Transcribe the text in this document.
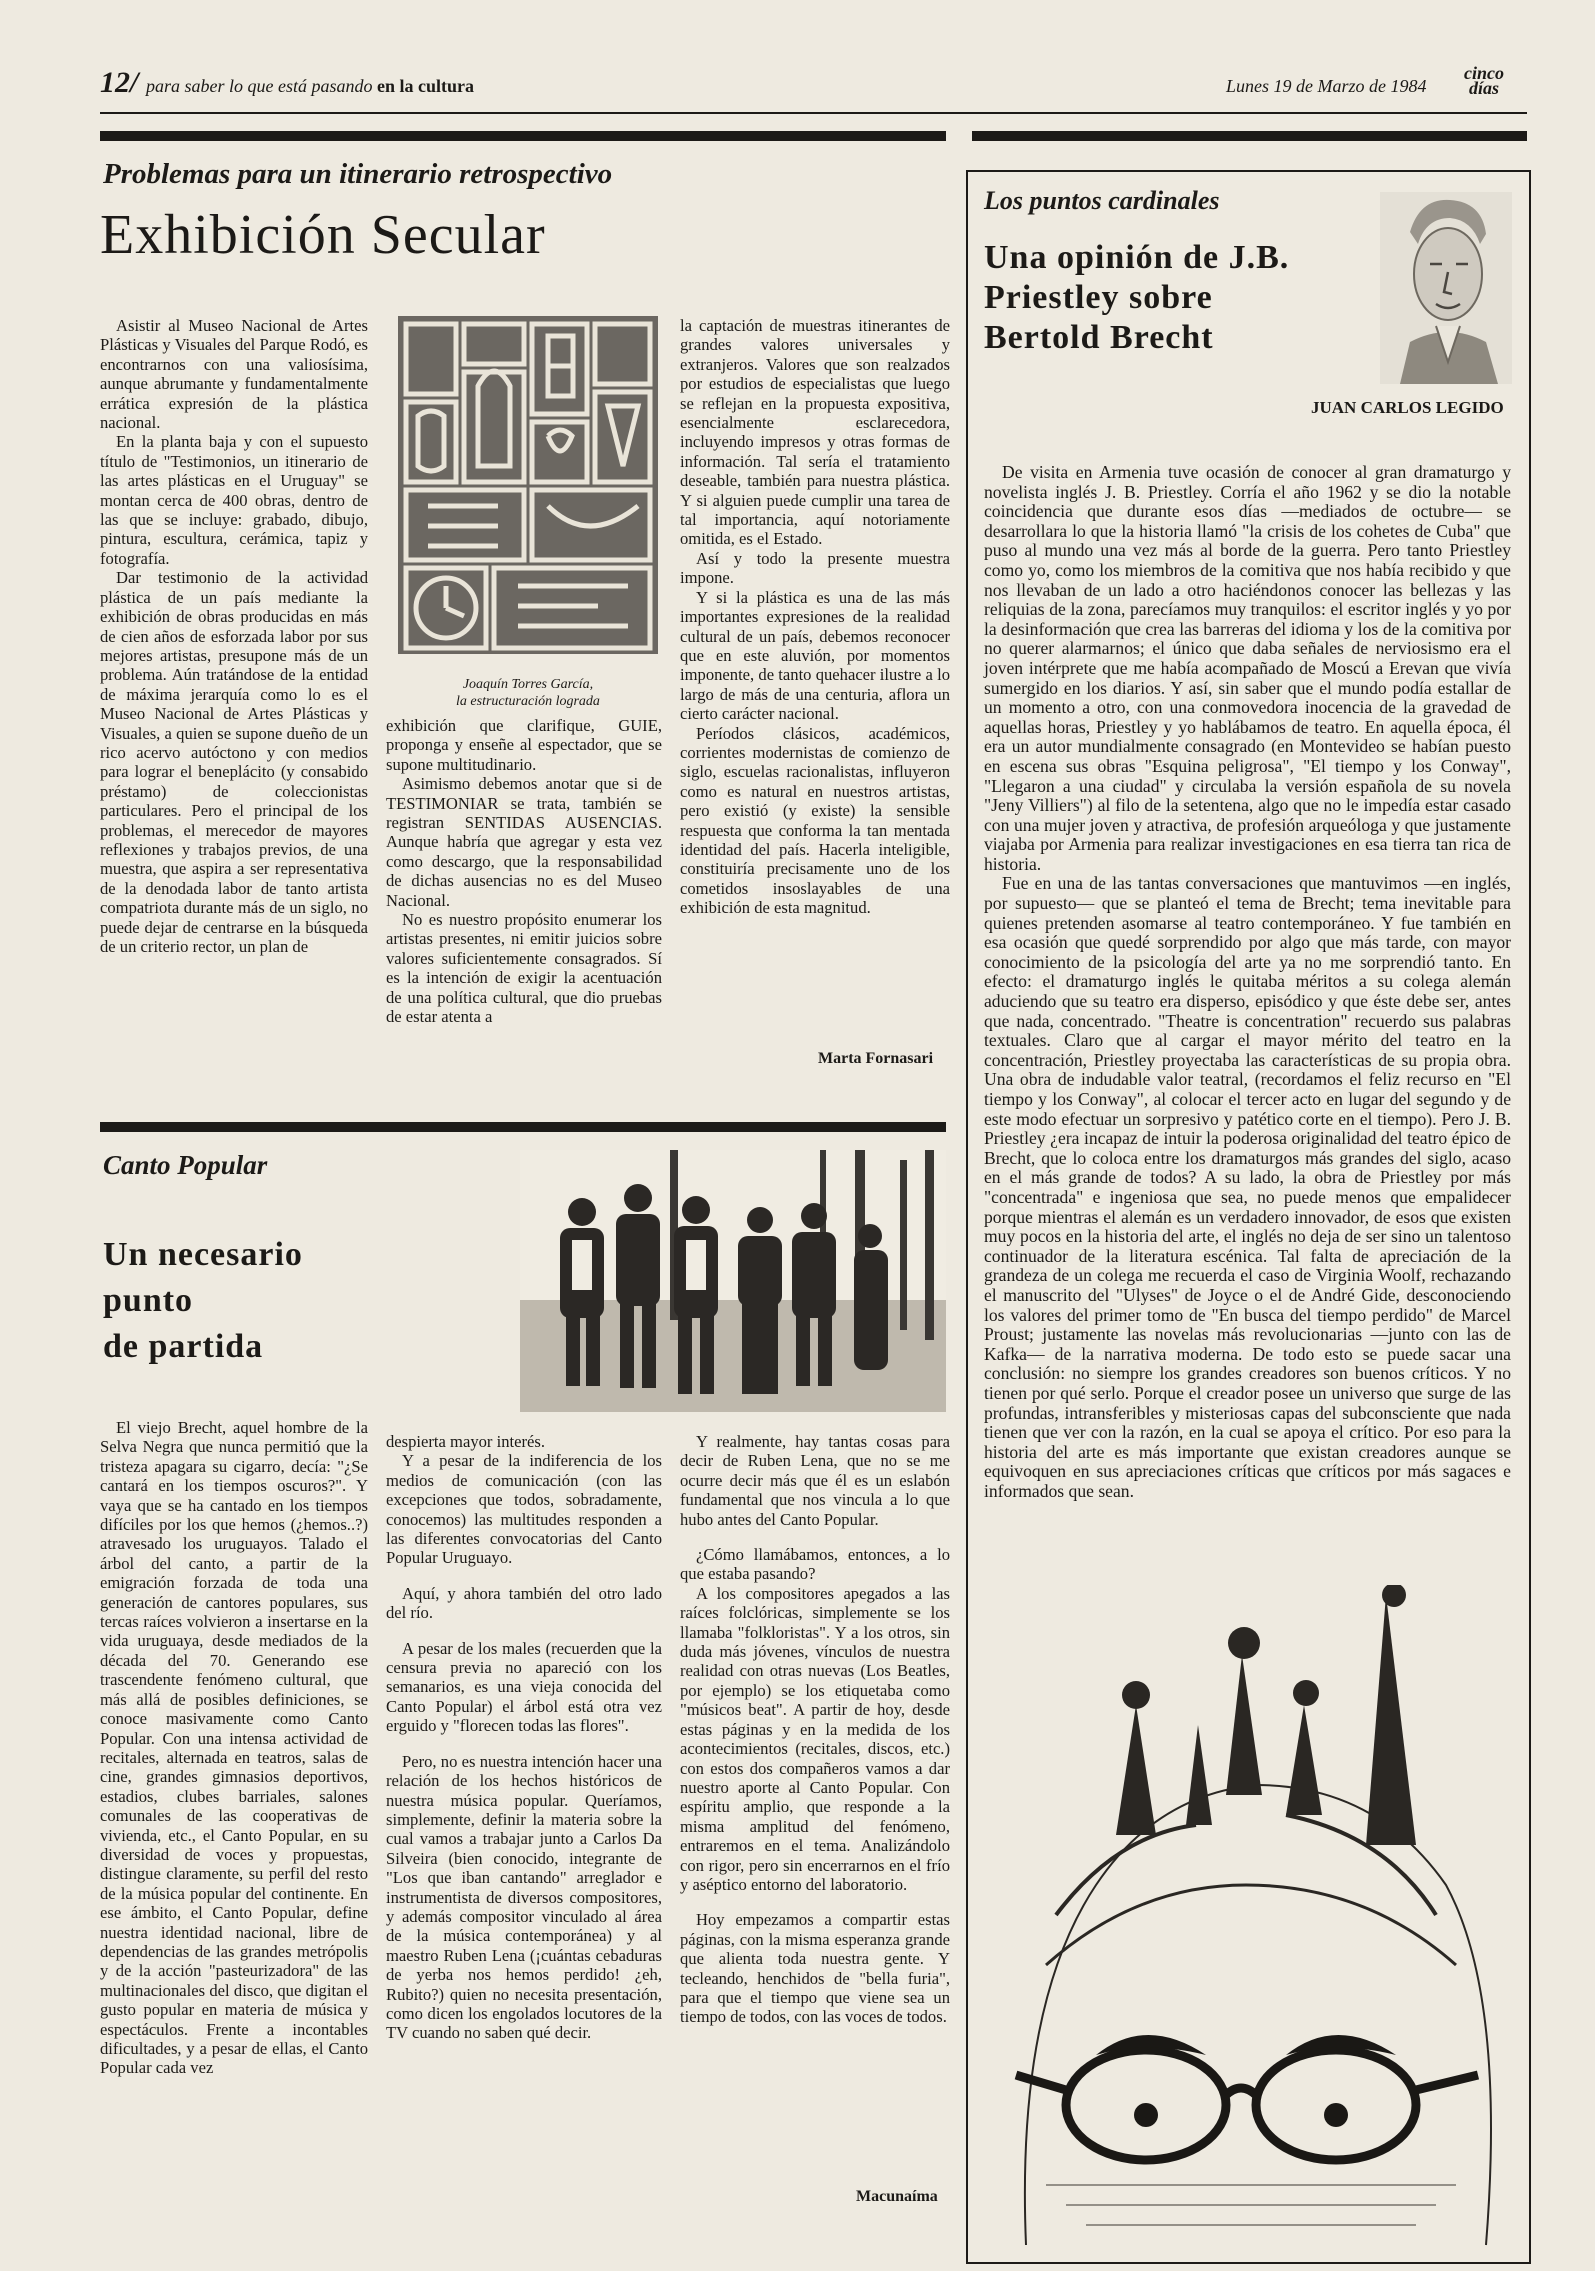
12/ para saber lo que está pasando en la cultura	Lunes 19 de Marzo de 1984
cinco
días
Problemas para un itinerario retrospectivo
Exhibición Secular

Asistir al Museo Nacional de Artes Plásticas y Visuales del Parque Rodó, es encontrarnos con una valiosísima, aunque abrumante y fundamentalmente errática expresión de la plástica nacional.

En la planta baja y con el supuesto título de "Testimonios, un itinerario de las artes plásticas en el Uruguay" se montan cerca de 400 obras, dentro de las que se incluye: grabado, dibujo, pintura, escultura, cerámica, tapiz y fotografía.

Dar testimonio de la actividad plástica de un país mediante la exhibición de obras producidas en más de cien años de esforzada labor por sus mejores artistas, presupone más de un problema. Aún tratándose de la entidad de máxima jerarquía como lo es el Museo Nacional de Artes Plásticas y Visuales, a quien se supone dueño de un rico acervo autóctono y con medios para lograr el beneplácito (y consabido préstamo) de coleccionistas particulares. Pero el principal de los problemas, el merecedor de mayores reflexiones y trabajos previos, de una muestra, que aspira a ser representativa de la denodada labor de tanto artista compatriota durante más de un siglo, no puede dejar de centrarse en la búsqueda de un criterio rector, un plan de

Joaquín Torres García,
la estructuración lograda

exhibición que clarifique, GUIE, proponga y enseñe al espectador, que se supone multitudinario.

Asimismo debemos anotar que si de TESTIMONIAR se trata, también se registran SENTIDAS AUSENCIAS. Aunque habría que agregar y esta vez como descargo, que la responsabilidad de dichas ausencias no es del Museo Nacional.

No es nuestro propósito enumerar los artistas presentes, ni emitir juicios sobre valores suficientemente consagrados. Sí es la intención de exigir la acentuación de una política cultural, que dio pruebas de estar atenta a

la captación de muestras itinerantes de grandes valores universales y extranjeros. Valores que son realzados por estudios de especialistas que luego se reflejan en la propuesta expositiva, esencialmente esclarecedora, incluyendo impresos y otras formas de información. Tal sería el tratamiento deseable, también para nuestra plástica. Y si alguien puede cumplir una tarea de tal importancia, aquí notoriamente omitida, es el Estado.

Así y todo la presente muestra impone.

Y si la plástica es una de las más importantes expresiones de la realidad cultural de un país, debemos reconocer que en este aluvión, por momentos imponente, de tanto quehacer ilustre a lo largo de más de una centuria, aflora un cierto carácter nacional.

Períodos clásicos, académicos, corrientes modernistas de comienzo de siglo, escuelas racionalistas, influyeron como es natural en nuestros artistas, pero existió (y existe) la sensible respuesta que conforma la tan mentada identidad del país. Hacerla inteligible, constituiría precisamente uno de los cometidos insoslayables de una exhibición de esta magnitud.

Marta Fornasari
Canto Popular
Un necesario
punto
de partida

El viejo Brecht, aquel hombre de la Selva Negra que nunca permitió que la tristeza apagara su cigarro, decía: "¿Se cantará en los tiempos oscuros?". Y vaya que se ha cantado en los tiempos difíciles por los que hemos (¿hemos..?) atravesado los uruguayos. Talado el árbol del canto, a partir de la emigración forzada de toda una generación de cantores populares, sus tercas raíces volvieron a insertarse en la vida uruguaya, desde mediados de la década del 70. Generando ese trascendente fenómeno cultural, que más allá de posibles definiciones, se conoce masivamente como Canto Popular. Con una intensa actividad de recitales, alternada en teatros, salas de cine, grandes gimnasios deportivos, estadios, clubes barriales, salones comunales de las cooperativas de vivienda, etc., el Canto Popular, en su diversidad de voces y propuestas, distingue claramente, su perfil del resto de la música popular del continente. En ese ámbito, el Canto Popular, define nuestra identidad nacional, libre de dependencias de las grandes metrópolis y de la acción "pasteurizadora" de las multinacionales del disco, que digitan el gusto popular en materia de música y espectáculos. Frente a incontables dificultades, y a pesar de ellas, el Canto Popular cada vez

despierta mayor interés.

Y a pesar de la indiferencia de los medios de comunicación (con las excepciones que todos, sobradamente, conocemos) las multitudes responden a las diferentes convocatorias del Canto Popular Uruguayo.

Aquí, y ahora también del otro lado del río.

A pesar de los males (recuerden que la censura previa no apareció con los semanarios, es una vieja conocida del Canto Popular) el árbol está otra vez erguido y "florecen todas las flores".

Pero, no es nuestra intención hacer una relación de los hechos históricos de nuestra música popular. Queríamos, simplemente, definir la materia sobre la cual vamos a trabajar junto a Carlos Da Silveira (bien conocido, integrante de "Los que iban cantando" arreglador e instrumentista de diversos compositores, y además compositor vinculado al área de la música contemporánea) y al maestro Ruben Lena (¡cuántas cebaduras de yerba nos hemos perdido! ¿eh, Rubito?) quien no necesita presentación, como dicen los engolados locutores de la TV cuando no saben qué decir.

Y realmente, hay tantas cosas para decir de Ruben Lena, que no se me ocurre decir más que él es un eslabón fundamental que nos vincula a lo que hubo antes del Canto Popular.

¿Cómo llamábamos, entonces, a lo que estaba pasando?

A los compositores apegados a las raíces folclóricas, simplemente se los llamaba "folkloristas". Y a los otros, sin duda más jóvenes, vínculos de nuestra realidad con otras nuevas (Los Beatles, por ejemplo) se los etiquetaba como "músicos beat". A partir de hoy, desde estas páginas y en la medida de los acontecimientos (recitales, discos, etc.) con estos dos compañeros vamos a dar nuestro aporte al Canto Popular. Con espíritu amplio, que responde a la misma amplitud del fenómeno, entraremos en el tema. Analizándolo con rigor, pero sin encerrarnos en el frío y aséptico entorno del laboratorio.

Hoy empezamos a compartir estas páginas, con la misma esperanza grande que alienta toda nuestra gente. Y tecleando, henchidos de "bella furia", para que el tiempo que viene sea un tiempo de todos, con las voces de todos.

Macunaíma
Los puntos cardinales
Una opinión de J.B.
Priestley sobre
Bertold Brecht
JUAN CARLOS LEGIDO

De visita en Armenia tuve ocasión de conocer al gran dramaturgo y novelista inglés J. B. Priestley. Corría el año 1962 y se dio la notable coincidencia que durante esos días —mediados de octubre— se desarrollara lo que la historia llamó "la crisis de los cohetes de Cuba" que puso al mundo una vez más al borde de la guerra. Pero tanto Priestley como yo, como los miembros de la comitiva que nos había recibido y que nos llevaban de un lado a otro haciéndonos conocer las bellezas y las reliquias de la zona, parecíamos muy tranquilos: el escritor inglés y yo por la desinformación que crea las barreras del idioma y los de la comitiva por no querer alarmarnos; el único que daba señales de nerviosismo era el joven intérprete que me había acompañado de Moscú a Erevan que vivía sumergido en los diarios. Y así, sin saber que el mundo podía estallar de un momento a otro, con una conmovedora inocencia de la gravedad de aquellas horas, Priestley y yo hablábamos de teatro. En aquella época, él era un autor mundialmente consagrado (en Montevideo se habían puesto en escena sus obras "Esquina peligrosa", "El tiempo y los Conway", "Llegaron a una ciudad" y circulaba la versión española de su novela "Jeny Villiers") al filo de la setentena, algo que no le impedía estar casado con una mujer joven y atractiva, de profesión arqueóloga y que justamente viajaba por Armenia para realizar investigaciones en esa tierra tan rica de historia.

Fue en una de las tantas conversaciones que mantuvimos —en inglés, por supuesto— que se planteó el tema de Brecht; tema inevitable para quienes pretenden asomarse al teatro contemporáneo. Y fue también en esa ocasión que quedé sorprendido por algo que más tarde, con mayor conocimiento de la psicología del arte ya no me sorprendió tanto. En efecto: el dramaturgo inglés le quitaba méritos a su colega alemán aduciendo que su teatro era disperso, episódico y que éste debe ser, antes que nada, concentrado. "Theatre is concentration" recuerdo sus palabras textuales. Claro que al cargar el mayor mérito del teatro en la concentración, Priestley proyectaba las características de su propia obra. Una obra de indudable valor teatral, (recordamos el feliz recurso en "El tiempo y los Conway", al colocar el tercer acto en lugar del segundo y de este modo efectuar un sorpresivo y patético corte en el tiempo). Pero J. B. Priestley ¿era incapaz de intuir la poderosa originalidad del teatro épico de Brecht, que lo coloca entre los dramaturgos más grandes del siglo, acaso en el más grande de todos? A su lado, la obra de Priestley por más "concentrada" e ingeniosa que sea, no puede menos que empalidecer porque mientras el alemán es un verdadero innovador, de esos que existen muy pocos en la historia del arte, el inglés no deja de ser sino un talentoso continuador de la literatura escénica. Tal falta de apreciación de la grandeza de un colega me recuerda el caso de Virginia Woolf, rechazando el manuscrito del "Ulyses" de Joyce o el de André Gide, desconociendo los valores del primer tomo de "En busca del tiempo perdido" de Marcel Proust; justamente las novelas más revolucionarias —junto con las de Kafka— de la narrativa moderna. De todo esto se puede sacar una conclusión: no siempre los grandes creadores son buenos críticos. Y no tienen por qué serlo. Porque el creador posee un universo que surge de las profundas, intransferibles y misteriosas capas del subconsciente que nada tienen que ver con la razón, en la cual se apoya el crítico. Por eso para la historia del arte es más importante que existan creadores aunque se equivoquen en sus apreciaciones críticas que críticos por más sagaces e informados que sean.
